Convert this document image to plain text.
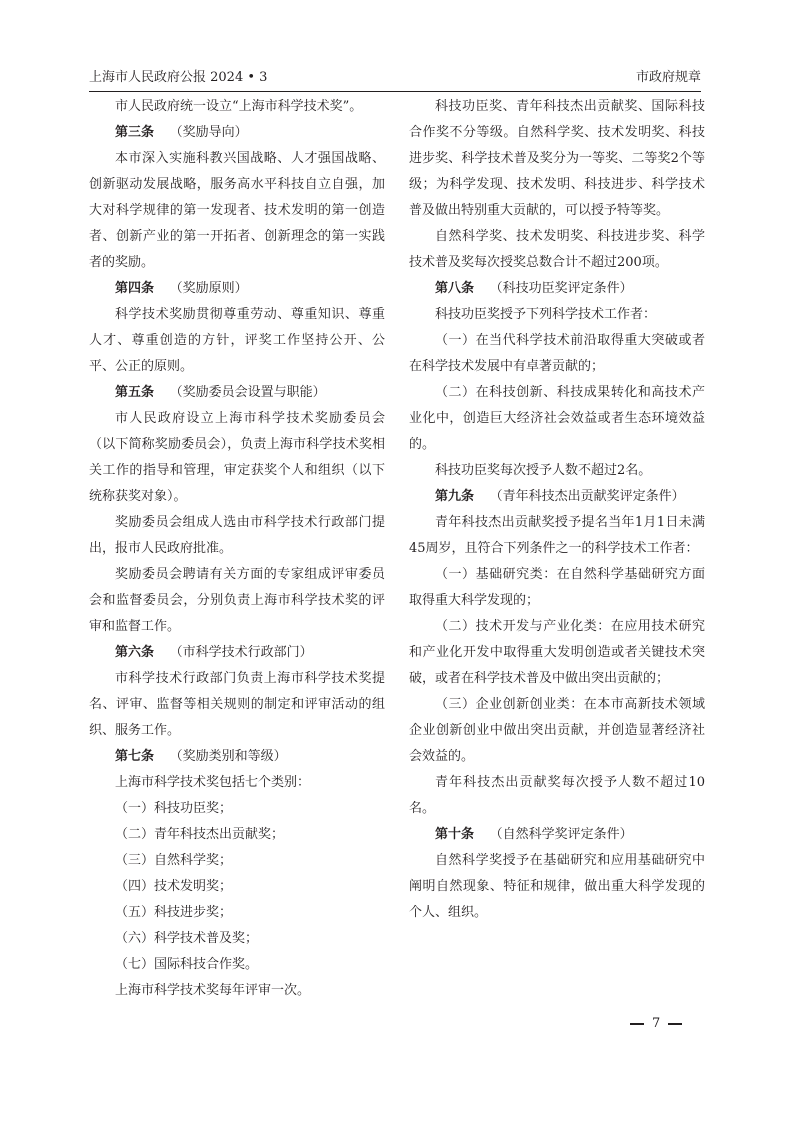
上海市人民政府公报 2024 • 3	市政府规章

市人民政府统一设立“上海市科学技术奖”。

第三条 （奖励导向）

本市深入实施科教兴国战略、人才强国战略、创新驱动发展战略，服务高水平科技自立自强，加大对科学规律的第一发现者、技术发明的第一创造者、创新产业的第一开拓者、创新理念的第一实践者的奖励。

第四条 （奖励原则）

科学技术奖励贯彻尊重劳动、尊重知识、尊重人才、尊重创造的方针，评奖工作坚持公开、公平、公正的原则。

第五条 （奖励委员会设置与职能）

市人民政府设立上海市科学技术奖励委员会（以下简称奖励委员会），负责上海市科学技术奖相关工作的指导和管理，审定获奖个人和组织（以下统称获奖对象）。

奖励委员会组成人选由市科学技术行政部门提出，报市人民政府批准。

奖励委员会聘请有关方面的专家组成评审委员会和监督委员会，分别负责上海市科学技术奖的评审和监督工作。

第六条 （市科学技术行政部门）

市科学技术行政部门负责上海市科学技术奖提名、评审、监督等相关规则的制定和评审活动的组织、服务工作。

第七条 （奖励类别和等级）

上海市科学技术奖包括七个类别：

（一）科技功臣奖；

（二）青年科技杰出贡献奖；

（三）自然科学奖；

（四）技术发明奖；

（五）科技进步奖；

（六）科学技术普及奖；

（七）国际科技合作奖。

上海市科学技术奖每年评审一次。

科技功臣奖、青年科技杰出贡献奖、国际科技合作奖不分等级。自然科学奖、技术发明奖、科技进步奖、科学技术普及奖分为一等奖、二等奖2个等级；为科学发现、技术发明、科技进步、科学技术普及做出特别重大贡献的，可以授予特等奖。

自然科学奖、技术发明奖、科技进步奖、科学技术普及奖每次授奖总数合计不超过200项。

第八条 （科技功臣奖评定条件）

科技功臣奖授予下列科学技术工作者：

（一）在当代科学技术前沿取得重大突破或者在科学技术发展中有卓著贡献的；

（二）在科技创新、科技成果转化和高技术产业化中，创造巨大经济社会效益或者生态环境效益的。

科技功臣奖每次授予人数不超过2名。

第九条 （青年科技杰出贡献奖评定条件）

青年科技杰出贡献奖授予提名当年1月1日未满45周岁，且符合下列条件之一的科学技术工作者：

（一）基础研究类：在自然科学基础研究方面取得重大科学发现的；

（二）技术开发与产业化类：在应用技术研究和产业化开发中取得重大发明创造或者关键技术突破，或者在科学技术普及中做出突出贡献的；

（三）企业创新创业类：在本市高新技术领域企业创新创业中做出突出贡献，并创造显著经济社会效益的。

青年科技杰出贡献奖每次授予人数不超过10名。

第十条 （自然科学奖评定条件）

自然科学奖授予在基础研究和应用基础研究中阐明自然现象、特征和规律，做出重大科学发现的个人、组织。

7
